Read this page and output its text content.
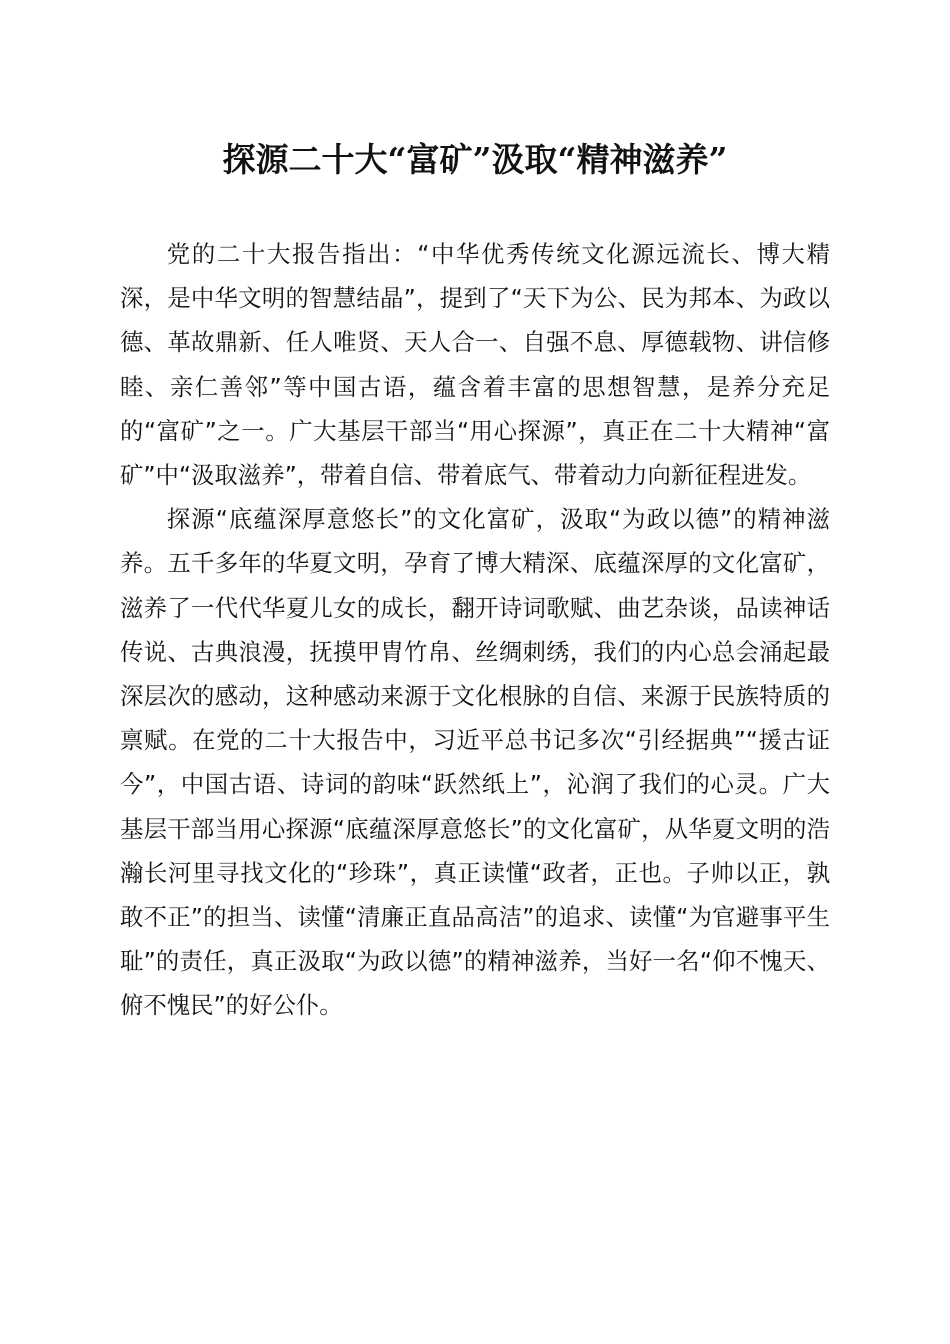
探源二十大“富矿”汲取“精神滋养”

党的二十大报告指出：“中华优秀传统文化源远流长、博大精深，是中华文明的智慧结晶”，提到了“天下为公、民为邦本、为政以德、革故鼎新、任人唯贤、天人合一、自强不息、厚德载物、讲信修睦、亲仁善邻”等中国古语，蕴含着丰富的思想智慧，是养分充足的“富矿”之一。广大基层干部当“用心探源”，真正在二十大精神“富矿”中“汲取滋养”，带着自信、带着底气、带着动力向新征程进发。

探源“底蕴深厚意悠长”的文化富矿，汲取“为政以德”的精神滋养。五千多年的华夏文明，孕育了博大精深、底蕴深厚的文化富矿，滋养了一代代华夏儿女的成长，翻开诗词歌赋、曲艺杂谈，品读神话传说、古典浪漫，抚摸甲胄竹帛、丝绸刺绣，我们的内心总会涌起最深层次的感动，这种感动来源于文化根脉的自信、来源于民族特质的禀赋。在党的二十大报告中，习近平总书记多次“引经据典”“援古证今”，中国古语、诗词的韵味“跃然纸上”，沁润了我们的心灵。广大基层干部当用心探源“底蕴深厚意悠长”的文化富矿，从华夏文明的浩瀚长河里寻找文化的“珍珠”，真正读懂“政者，正也。子帅以正，孰敢不正”的担当、读懂“清廉正直品高洁”的追求、读懂“为官避事平生耻”的责任，真正汲取“为政以德”的精神滋养，当好一名“仰不愧天、俯不愧民”的好公仆。
